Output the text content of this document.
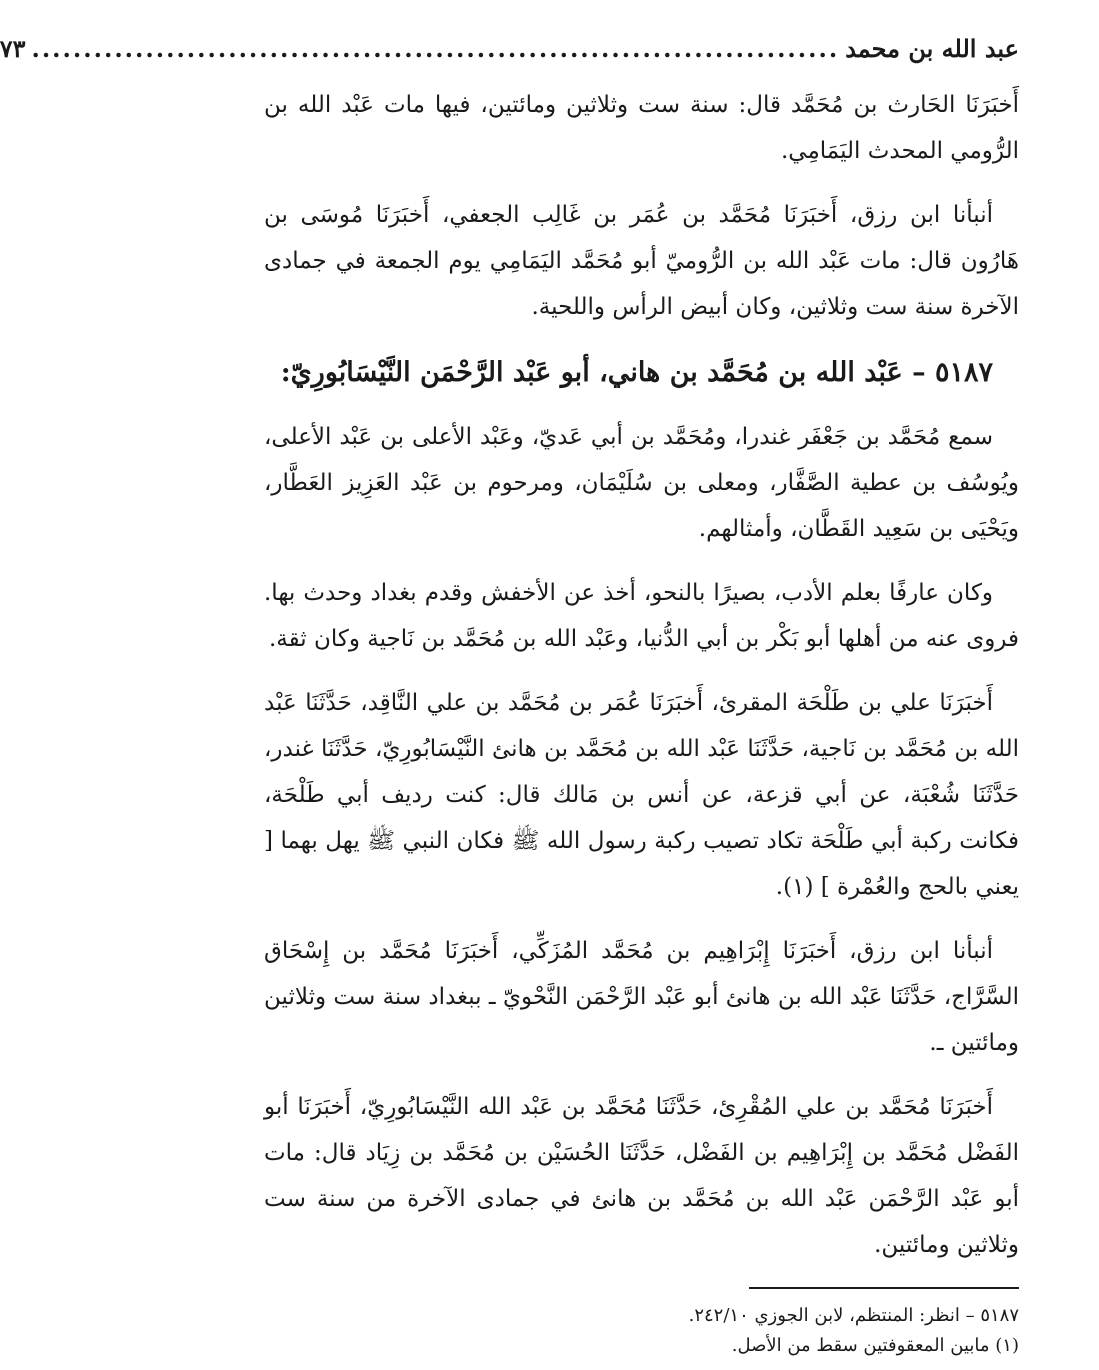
عبد الله بن محمد
..............................................................................
٧٣

أَخبَرَنَا الحَارث بن مُحَمَّد قال: سنة ست وثلاثين ومائتين، فيها مات عَبْد الله بن الرُّومي المحدث اليَمَامِي.

أنبأنا ابن رزق، أَخبَرَنَا مُحَمَّد بن عُمَر بن غَالِب الجعفي، أَخبَرَنَا مُوسَى بن هَارُون قال: مات عَبْد الله بن الرُّوميّ أبو مُحَمَّد اليَمَامِي يوم الجمعة في جمادى الآخرة سنة ست وثلاثين، وكان أبيض الرأس واللحية.

٥١٨٧ – عَبْد الله بن مُحَمَّد بن هاني، أبو عَبْد الرَّحْمَن النَّيْسَابُورِيّ:

سمع مُحَمَّد بن جَعْفَر غندرا، ومُحَمَّد بن أبي عَديّ، وعَبْد الأعلى بن عَبْد الأعلى، ويُوسُف بن عطية الصَّفَّار، ومعلى بن سُلَيْمَان، ومرحوم بن عَبْد العَزِيز العَطَّار، ويَحْيَى بن سَعِيد القَطَّان، وأمثالهم.

وكان عارفًا بعلم الأدب، بصيرًا بالنحو، أخذ عن الأخفش وقدم بغداد وحدث بها. فروى عنه من أهلها أبو بَكْر بن أبي الدُّنيا، وعَبْد الله بن مُحَمَّد بن نَاجية وكان ثقة.

أَخبَرَنَا علي بن طَلْحَة المقرئ، أَخبَرَنَا عُمَر بن مُحَمَّد بن علي النَّاقِد، حَدَّثَنَا عَبْد الله بن مُحَمَّد بن نَاجية، حَدَّثَنَا عَبْد الله بن مُحَمَّد بن هانئ النَّيْسَابُورِيّ، حَدَّثَنَا غندر، حَدَّثَنَا شُعْبَة، عن أبي قزعة، عن أنس بن مَالك قال: كنت رديف أبي طَلْحَة، فكانت ركبة أبي طَلْحَة تكاد تصيب ركبة رسول الله ﷺ فكان النبي ﷺ يهل بهما [ يعني بالحج والعُمْرة ] (١).

أنبأنا ابن رزق، أَخبَرَنَا إِبْرَاهِيم بن مُحَمَّد المُزَكِّي، أَخبَرَنَا مُحَمَّد بن إِسْحَاق السَّرَّاج، حَدَّثَنَا عَبْد الله بن هانئ أبو عَبْد الرَّحْمَن النَّحْويّ ـ ببغداد سنة ست وثلاثين ومائتين ـ.

أَخبَرَنَا مُحَمَّد بن علي المُقْرِئ، حَدَّثَنَا مُحَمَّد بن عَبْد الله النَّيْسَابُورِيّ، أَخبَرَنَا أبو الفَضْل مُحَمَّد بن إِبْرَاهِيم بن الفَضْل، حَدَّثَنَا الحُسَيْن بن مُحَمَّد بن زِيَاد قال: مات أبو عَبْد الرَّحْمَن عَبْد الله بن مُحَمَّد بن هانئ في جمادى الآخرة من سنة ست وثلاثين ومائتين.

٥١٨٧ – انظر: المنتظم، لابن الجوزي ٢٤٢/١٠.

(١) مابين المعقوفتين سقط من الأصل.
